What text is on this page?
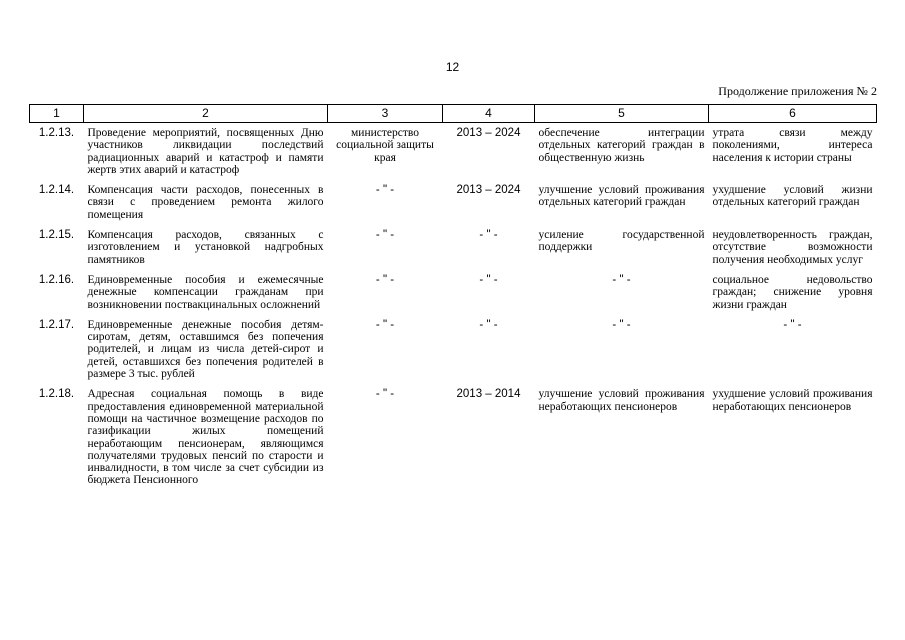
12
Продолжение приложения № 2
1	2	3	4	5	6
1.2.13.	Проведение мероприятий, посвященных Дню участников ликвидации последствий радиационных аварий и катастроф и памяти жертв этих аварий и катастроф	министерство социальной защиты края	2013 – 2024	обеспечение интеграции отдельных категорий граждан в общественную жизнь	утрата связи между поколениями, интереса населения к истории страны
1.2.14.	Компенсация части расходов, понесенных в связи с проведением ремонта жилого помещения	- " -	2013 – 2024	улучшение условий проживания отдельных категорий граждан	ухудшение условий жизни отдельных категорий граждан
1.2.15.	Компенсация расходов, связанных с изготовлением и установкой надгробных памятников	- " -	- " -	усиление государственной поддержки	неудовлетворенность граждан, отсутствие возможности получения необходимых услуг
1.2.16.	Единовременные пособия и ежемесячные денежные компенсации гражданам при возникновении поствакцинальных осложнений	- " -	- " -	- " -	социальное недовольство граждан; снижение уровня жизни граждан
1.2.17.	Единовременные денежные пособия детям-сиротам, детям, оставшимся без попечения родителей, и лицам из числа детей-сирот и детей, оставшихся без попечения родителей в размере 3 тыс. рублей	- " -	- " -	- " -	- " -
1.2.18.	Адресная социальная помощь в виде предоставления единовременной материальной помощи на частичное возмещение расходов по газификации жилых помещений неработающим пенсионерам, являющимся получателями трудовых пенсий по старости и инвалидности, в том числе за счет субсидии из бюджета Пенсионного	- " -	2013 – 2014	улучшение условий проживания неработающих пенсионеров	ухудшение условий проживания неработающих пенсионеров
